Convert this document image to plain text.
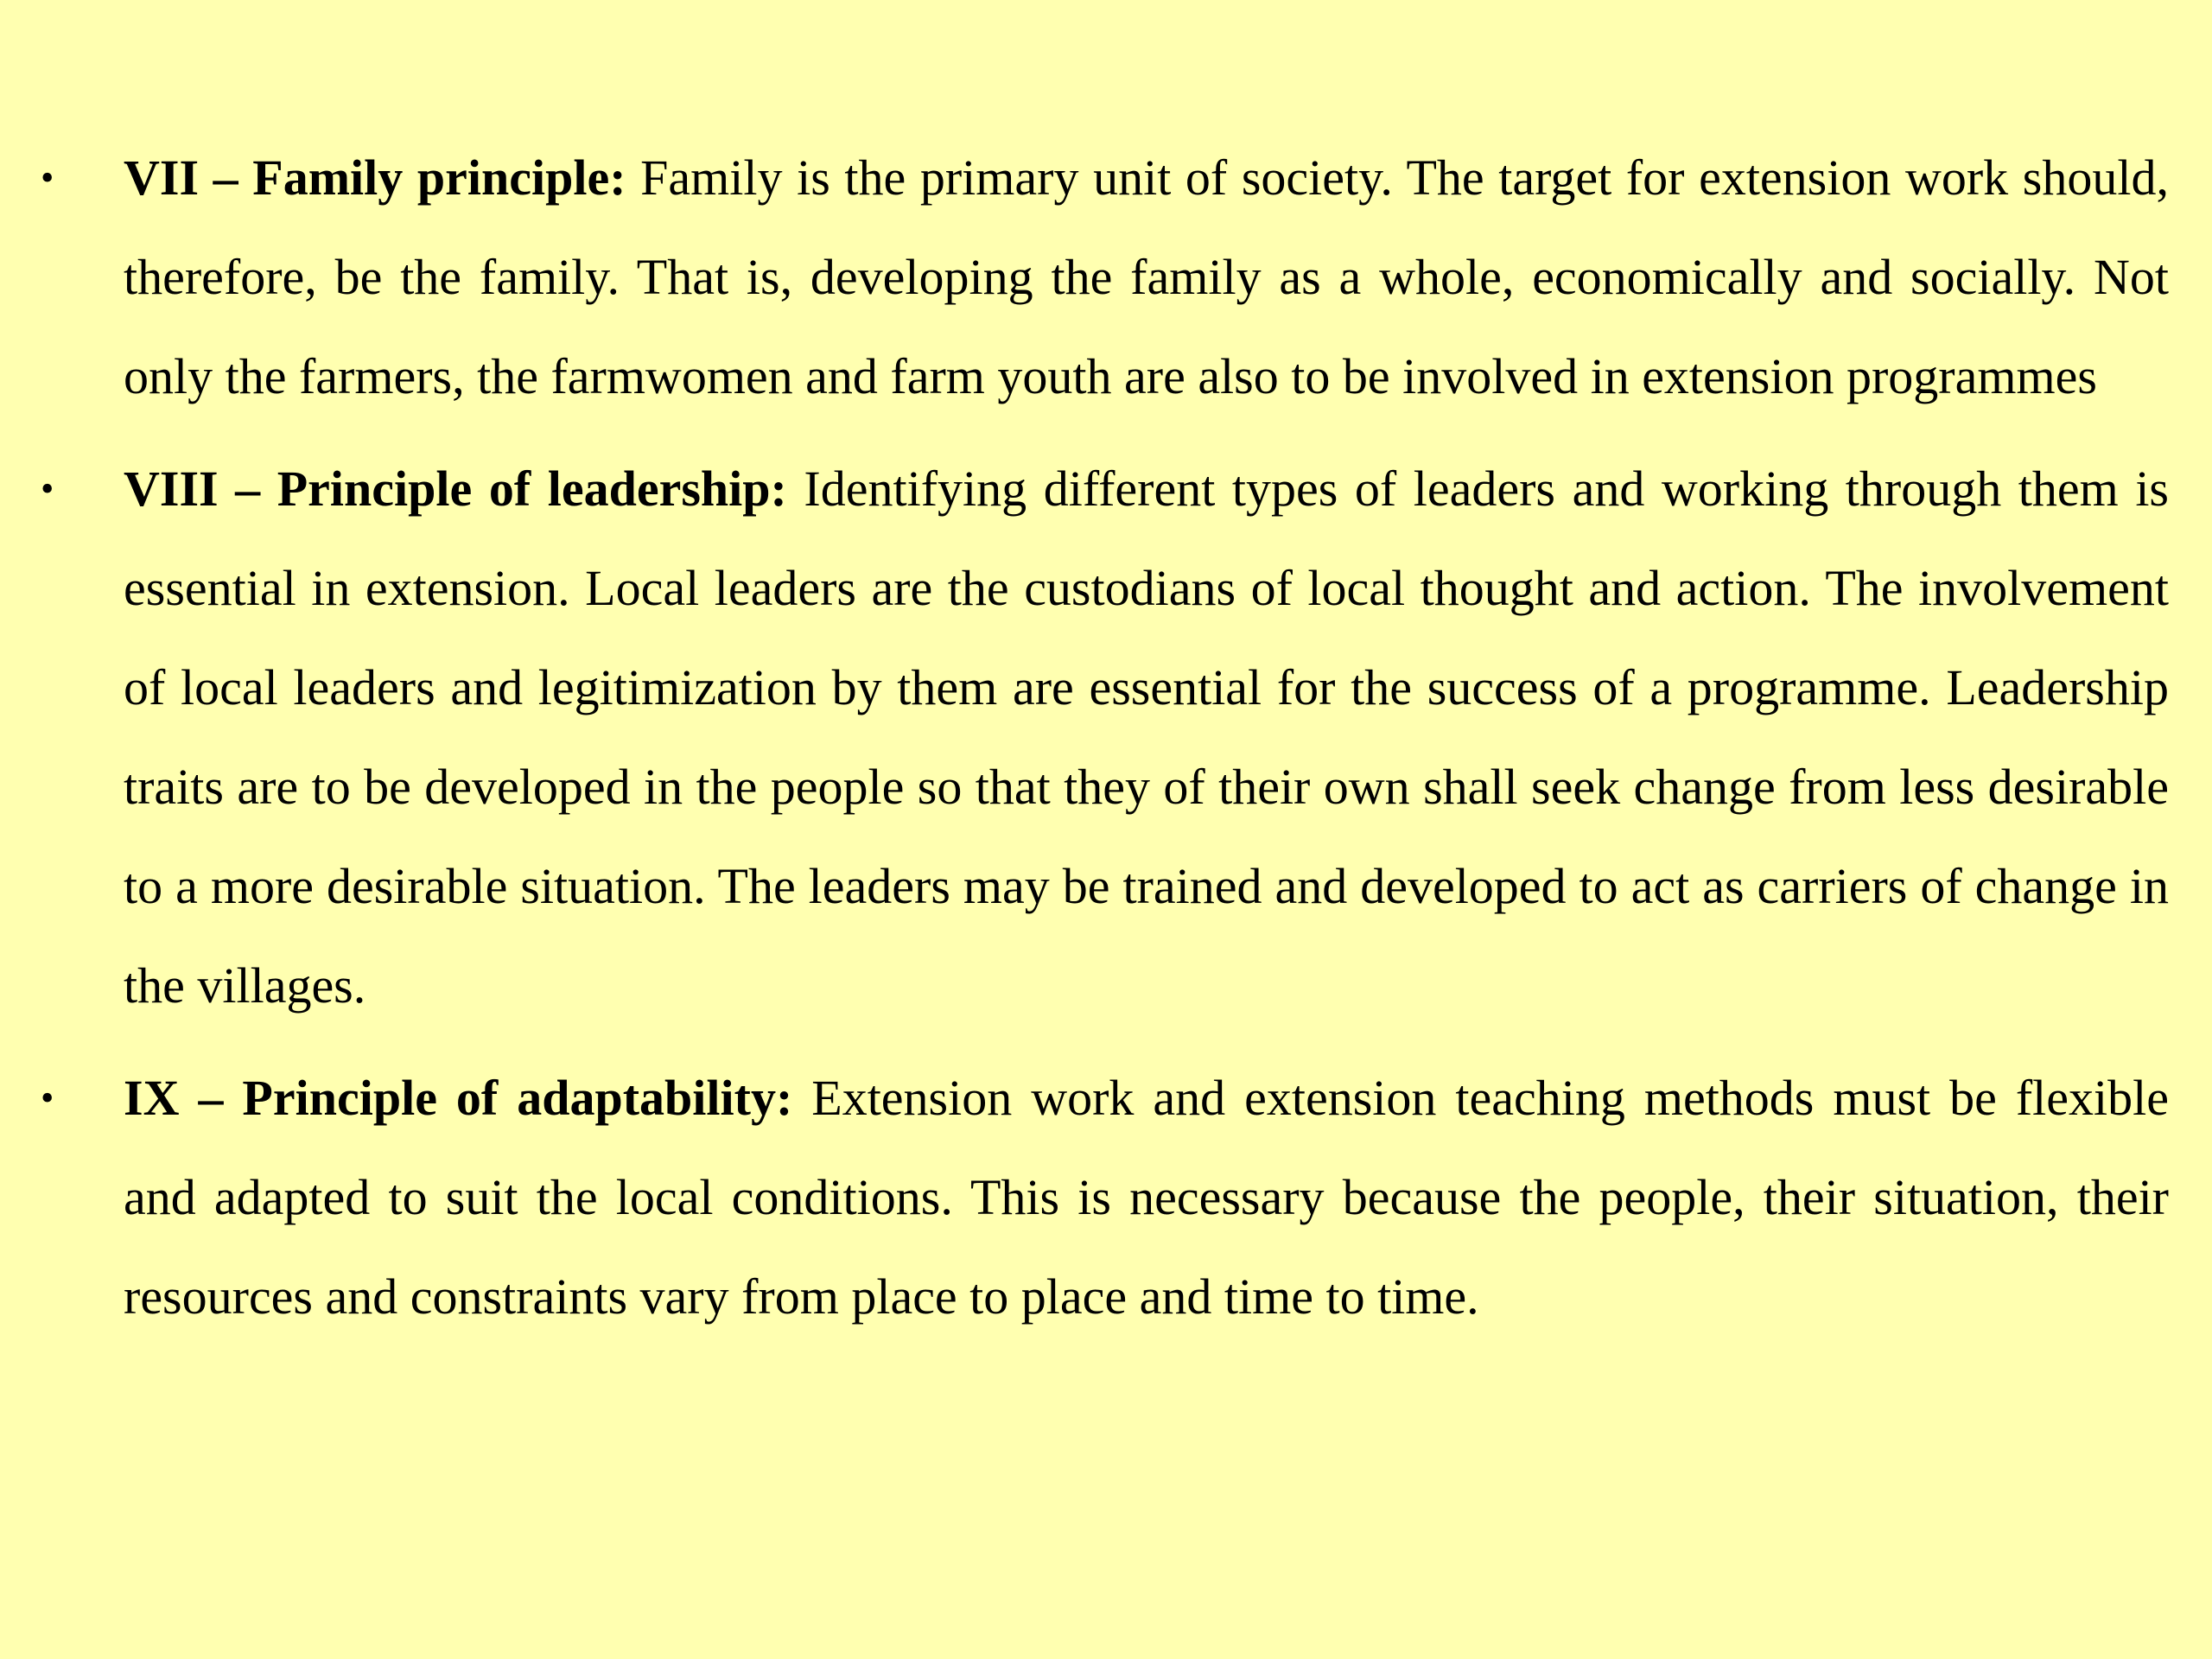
• VII – Family principle: Family is the primary unit of society. The target for extension work should, therefore, be the family. That is, developing the family as a whole, economically and socially. Not only the farmers, the farmwomen and farm youth are also to be involved in extension programmes
• VIII – Principle of leadership: Identifying different types of leaders and working through them is essential in extension. Local leaders are the custodians of local thought and action. The involvement of local leaders and legitimization by them are essential for the success of a programme. Leadership traits are to be developed in the people so that they of their own shall seek change from less desirable to a more desirable situation. The leaders may be trained and developed to act as carriers of change in the villages.
• IX – Principle of adaptability: Extension work and extension teaching methods must be flexible and adapted to suit the local conditions. This is necessary because the people, their situation, their resources and constraints vary from place to place and time to time.
